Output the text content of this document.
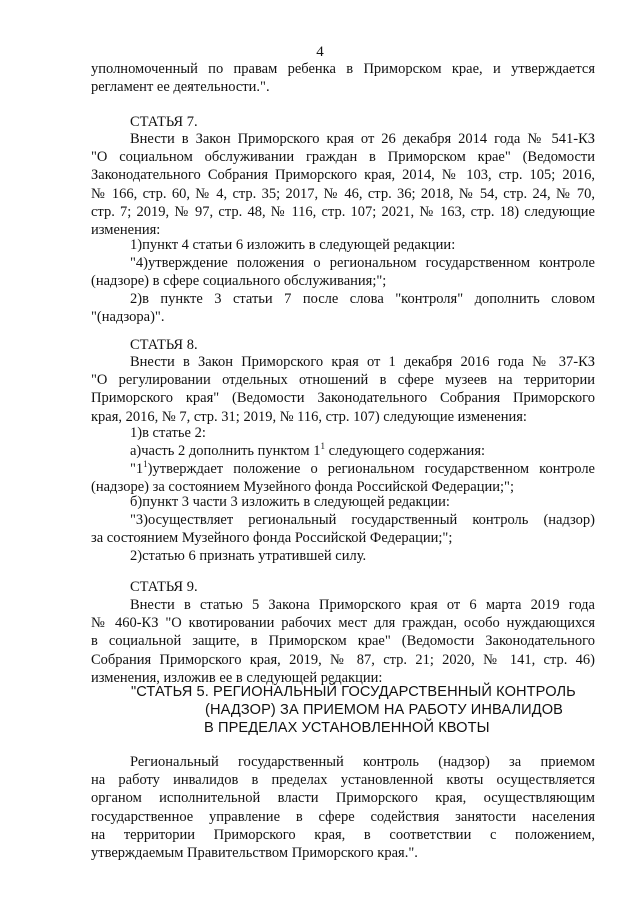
4
уполномоченный по правам ребенка в Приморском крае, и утверждается
регламент ее деятельности.".
СТАТЬЯ 7.
Внести в Закон Приморского края от 26 декабря 2014 года № 541-КЗ
"О социальном обслуживании граждан в Приморском крае" (Ведомости
Законодательного Собрания Приморского края, 2014, № 103, стр. 105; 2016,
№ 166, стр. 60, № 4, стр. 35; 2017, № 46, стр. 36; 2018, № 54, стр. 24, № 70,
стр. 7; 2019, № 97, стр. 48, № 116, стр. 107; 2021, № 163, стр. 18) следующие
изменения:
1)пункт 4 статьи 6 изложить в следующей редакции:
"4)утверждение положения о региональном государственном контроле
(надзоре) в сфере социального обслуживания;";
2)в пункте 3 статьи 7 после слова "контроля" дополнить словом
"(надзора)".
СТАТЬЯ 8.
Внести в Закон Приморского края от 1 декабря 2016 года № 37-КЗ
"О регулировании отдельных отношений в сфере музеев на территории
Приморского края" (Ведомости Законодательного Собрания Приморского
края, 2016, № 7, стр. 31; 2019, № 116, стр. 107) следующие изменения:
1)в статье 2:
а)часть 2 дополнить пунктом $1^1$ следующего содержания:
"$1^1)утверждает$ положение о региональном государственном контроле
(надзоре) за состоянием Музейного фонда Российской Федерации;";
б)пункт 3 части 3 изложить в следующей редакции:
"3)осуществляет региональный государственный контроль (надзор)
за состоянием Музейного фонда Российской Федерации;";
2)статью 6 признать утратившей силу.
СТАТЬЯ 9.
Внести в статью 5 Закона Приморского края от 6 марта 2019 года
№ 460-КЗ "О квотировании рабочих мест для граждан, особо нуждающихся
в социальной защите, в Приморском крае" (Ведомости Законодательного
Собрания Приморского края, 2019, № 87, стр. 21; 2020, № 141, стр. 46)
изменения, изложив ее в следующей редакции:
"СТАТЬЯ 5. РЕГИОНАЛЬНЫЙ ГОСУДАРСТВЕННЫЙ КОНТРОЛЬ
(НАДЗОР) ЗА ПРИЕМОМ НА РАБОТУ ИНВАЛИДОВ
В ПРЕДЕЛАХ УСТАНОВЛЕННОЙ КВОТЫ
Региональный государственный контроль (надзор) за приемом
на работу инвалидов в пределах установленной квоты осуществляется
органом исполнительной власти Приморского края, осуществляющим
государственное управление в сфере содействия занятости населения
на территории Приморского края, в соответствии с положением,
утверждаемым Правительством Приморского края.".
